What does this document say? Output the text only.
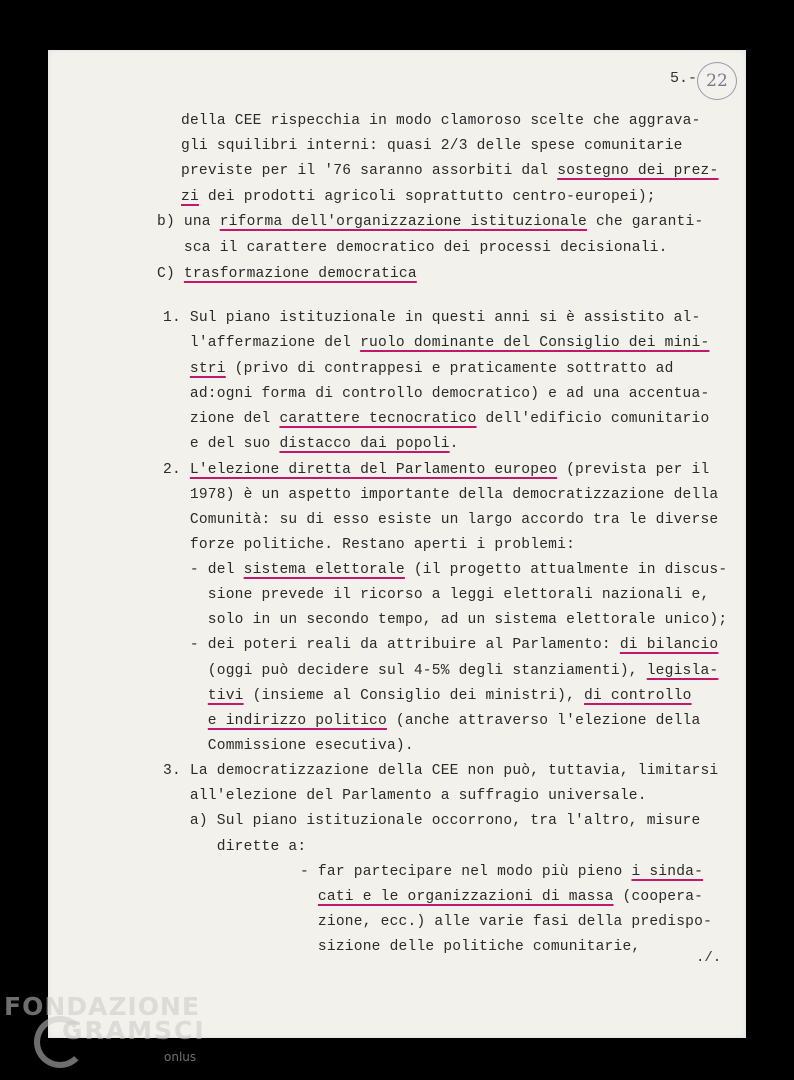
5.- 22
della CEE rispecchia in modo clamoroso scelte che aggrava-
gli squilibri interni: quasi 2/3 delle spese comunitarie
previste per il '76 saranno assorbiti dal sostegno dei prez-
zi dei prodotti agricoli soprattutto centro-europei);
b) una riforma dell'organizzazione istituzionale che garanti-
sca il carattere democratico dei processi decisionali.
C) trasformazione democratica
1. Sul piano istituzionale in questi anni si è assistito al-
l'affermazione del ruolo dominante del Consiglio dei mini-
stri (privo di contrappesi e praticamente sottratto ad
ad:ogni forma di controllo democratico) e ad una accentua-
zione del carattere tecnocratico dell'edificio comunitario
e del suo distacco dai popoli.
2. L'elezione diretta del Parlamento europeo (prevista per il
1978) è un aspetto importante della democratizzazione della
Comunità: su di esso esiste un largo accordo tra le diverse
forze politiche. Restano aperti i problemi:
- del sistema elettorale (il progetto attualmente in discus-
sione prevede il ricorso a leggi elettorali nazionali e,
solo in un secondo tempo, ad un sistema elettorale unico);
- dei poteri reali da attribuire al Parlamento: di bilancio
(oggi può decidere sul 4-5% degli stanziamenti), legisla-
tivi (insieme al Consiglio dei ministri), di controllo
e indirizzo politico (anche attraverso l'elezione della
Commissione esecutiva).
3. La democratizzazione della CEE non può, tuttavia, limitarsi
all'elezione del Parlamento a suffragio universale.
a) Sul piano istituzionale occorrono, tra l'altro, misure
dirette a:
- far partecipare nel modo più pieno i sinda-
cati e le organizzazioni di massa (coopera-
zione, ecc.) alle varie fasi della predispo-
sizione delle politiche comunitarie,
./.
FONDAZIONE
GRAMSCI
onlus
